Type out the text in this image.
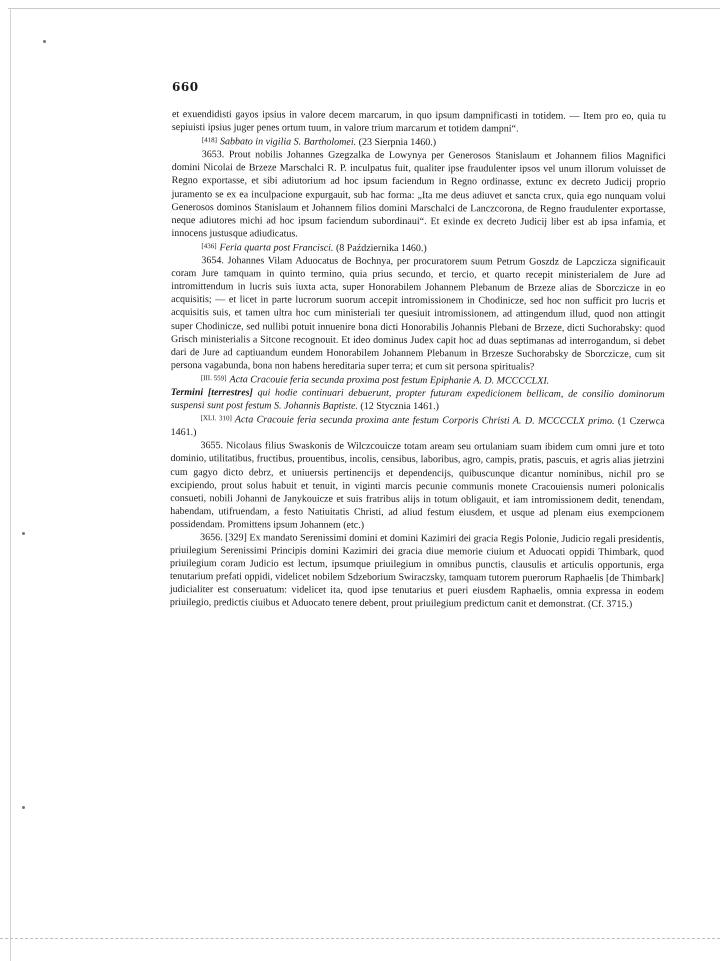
660

et exuendidisti gayos ipsius in valore decem marcarum, in quo ipsum dampnificasti in totidem. — Item pro eo, quia tu sepiuisti ipsius juger penes ortum tuum, in valore trium marcarum et totidem dampni“.

[418] Sabbato in vigilia S. Bartholomei. (23 Sierpnia 1460.)

3653. Prout nobilis Johannes Gzegzalka de Lowynya per Generosos Stanislaum et Johannem filios Magnifici domini Nicolai de Brzeze Marschalci R. P. inculpatus fuit, qualiter ipse fraudulenter ipsos vel unum illorum voluisset de Regno exportasse, et sibi adiutorium ad hoc ipsum faciendum in Regno ordinasse, extunc ex decreto Judicij proprio juramento se ex ea inculpacione expurgauit, sub hac forma: „Ita me deus adiuvet et sancta crux, quia ego nunquam volui Generosos dominos Stanislaum et Johannem filios domini Marschalci de Lanczcorona, de Regno fraudulenter exportasse, neque adiutores michi ad hoc ipsum faciendum subordinaui“. Et exinde ex decreto Judicij liber est ab ipsa infamia, et innocens justusque adiudicatus.

[436] Feria quarta post Francisci. (8 Października 1460.)

3654. Johannes Vilam Aduocatus de Bochnya, per procuratorem suum Petrum Goszdz de Lapczicza significauit coram Jure tamquam in quinto termino, quia prius secundo, et tercio, et quarto recepit ministerialem de Jure ad intromittendum in lucris suis iuxta acta, super Honorabilem Johannem Plebanum de Brzeze alias de Sborczicze in eo acquisitis; — et licet in parte lucrorum suorum accepit intromissionem in Chodinicze, sed hoc non sufficit pro lucris et acquisitis suis, et tamen ultra hoc cum ministeriali ter quesiuit intromissionem, ad attingendum illud, quod non attingit super Chodinicze, sed nullibi potuit innuenire bona dicti Honorabilis Johannis Plebani de Brzeze, dicti Suchorabsky: quod Grisch ministerialis a Sitcone recognouit. Et ideo dominus Judex capit hoc ad duas septimanas ad interrogandum, si debet dari de Jure ad captiuandum eundem Honorabilem Johannem Plebanum in Brzesze Suchorabsky de Sborczicze, cum sit persona vagabunda, bona non habens hereditaria super terra; et cum sit persona spiritualis?

[III. 559] Acta Cracouie feria secunda proxima post festum Epiphanie A. D. MCCCCLXI.

Termini [terrestres] qui hodie continuari debuerunt, propter futuram expedicionem bellicam, de consilio dominorum suspensi sunt post festum S. Johannis Baptiste. (12 Stycznia 1461.)

[XLI. 310] Acta Cracouie feria secunda proxima ante festum Corporis Christi A. D. MCCCCLX primo. (1 Czerwca 1461.)

3655. Nicolaus filius Swaskonis de Wilczcouicze totam aream seu ortulaniam suam ibidem cum omni jure et toto dominio, utilitatibus, fructibus, prouentibus, incolis, censibus, laboribus, agro, campis, pratis, pascuis, et agris alias jietrzini cum gagyo dicto debrz, et uniuersis pertinencijs et dependencijs, quibuscunque dicantur nominibus, nichil pro se excipiendo, prout solus habuit et tenuit, in viginti marcis pecunie communis monete Cracouiensis numeri polonicalis consueti, nobili Johanni de Janykouicze et suis fratribus alijs in totum obligauit, et iam intromissionem dedit, tenendam, habendam, utifruendam, a festo Natiuitatis Christi, ad aliud festum eiusdem, et usque ad plenam eius exempcionem possidendam. Promittens ipsum Johannem (etc.)

3656. [329] Ex mandato Serenissimi domini et domini Kazimiri dei gracia Regis Polonie, Judicio regali presidentis, priuilegium Serenissimi Principis domini Kazimiri dei gracia diue memorie ciuium et Aduocati oppidi Thimbark, quod priuilegium coram Judicio est lectum, ipsumque priuilegium in omnibus punctis, clausulis et articulis opportunis, erga tenutarium prefati oppidi, videlicet nobilem Sdzeborium Swiraczsky, tamquam tutorem puerorum Raphaelis [de Thimbark] judicialiter est conseruatum: videlicet ita, quod ipse tenutarius et pueri eiusdem Raphaelis, omnia expressa in eodem priuilegio, predictis ciuibus et Aduocato tenere debent, prout priuilegium predictum canit et demonstrat. (Cf. 3715.)
